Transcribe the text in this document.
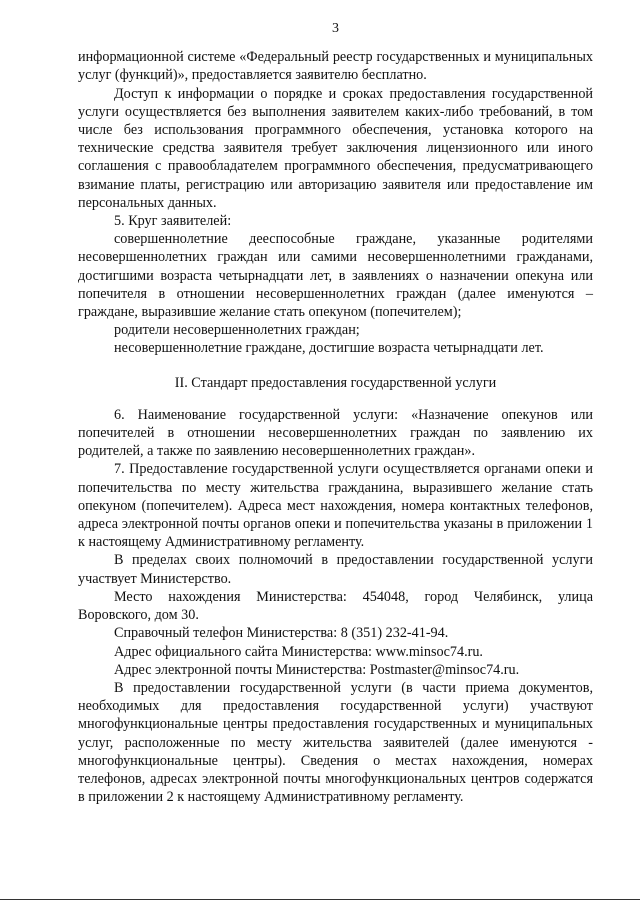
3

информационной системе «Федеральный реестр государственных и муниципальных услуг (функций)», предоставляется заявителю бесплатно.

Доступ к информации о порядке и сроках предоставления государственной услуги осуществляется без выполнения заявителем каких-либо требований, в том числе без использования программного обеспечения, установка которого на технические средства заявителя требует заключения лицензионного или иного соглашения с правообладателем программного обеспечения, предусматривающего взимание платы, регистрацию или авторизацию заявителя или предоставление им персональных данных.

5. Круг заявителей:

совершеннолетние дееспособные граждане, указанные родителями несовершеннолетних граждан или самими несовершеннолетними гражданами, достигшими возраста четырнадцати лет, в заявлениях о назначении опекуна или попечителя в отношении несовершеннолетних граждан (далее именуются – граждане, выразившие желание стать опекуном (попечителем);

родители несовершеннолетних граждан;

несовершеннолетние граждане, достигшие возраста четырнадцати лет.

II. Стандарт предоставления государственной услуги

6. Наименование государственной услуги: «Назначение опекунов или попечителей в отношении несовершеннолетних граждан по заявлению их родителей, а также по заявлению несовершеннолетних граждан».

7. Предоставление государственной услуги осуществляется органами опеки и попечительства по месту жительства гражданина, выразившего желание стать опекуном (попечителем). Адреса мест нахождения, номера контактных телефонов, адреса электронной почты органов опеки и попечительства указаны в приложении 1 к настоящему Административному регламенту.

В пределах своих полномочий в предоставлении государственной услуги участвует Министерство.

Место нахождения Министерства: 454048, город Челябинск, улица Воровского, дом 30.

Справочный телефон Министерства: 8 (351) 232-41-94.

Адрес официального сайта Министерства: www.minsoc74.ru.

Адрес электронной почты Министерства: Postmaster@minsoc74.ru.

В предоставлении государственной услуги (в части приема документов, необходимых для предоставления государственной услуги) участвуют многофункциональные центры предоставления государственных и муниципальных услуг, расположенные по месту жительства заявителей (далее именуются - многофункциональные центры). Сведения о местах нахождения, номерах телефонов, адресах электронной почты многофункциональных центров содержатся в приложении 2 к настоящему Административному регламенту.
